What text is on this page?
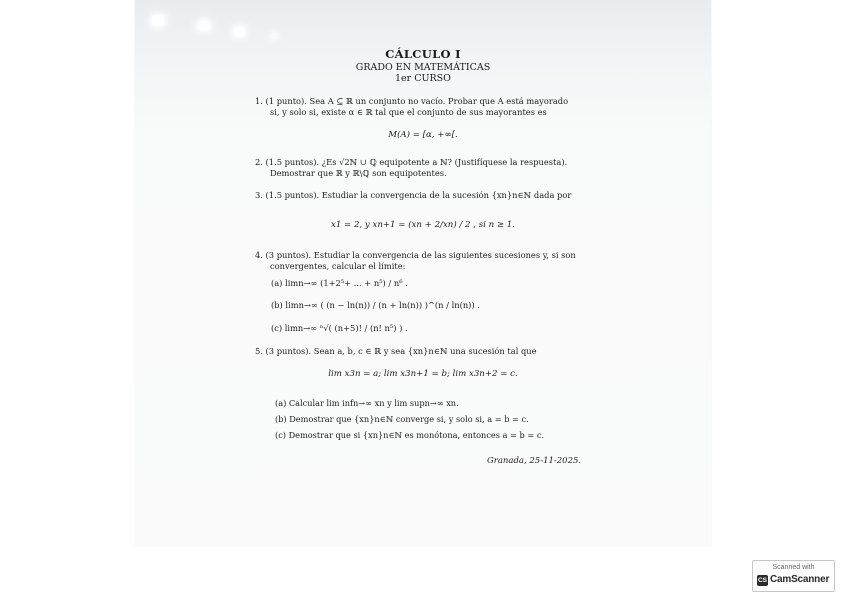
CÁLCULO I
GRADO EN MATEMÁTICAS
1er CURSO
1. (1 punto). Sea A ⊆ ℝ un conjunto no vacío. Probar que A está mayorado
si, y solo si, existe α ∈ ℝ tal que el conjunto de sus mayorantes es
M(A) = [α, +∞[.
2. (1.5 puntos). ¿Es √2ℕ ∪ ℚ equipotente a ℕ? (Justifíquese la respuesta).
Demostrar que ℝ y ℝ\ℚ son equipotentes.
3. (1.5 puntos). Estudiar la convergencia de la sucesión {xn}n∈ℕ dada por
x1 = 2, y xn+1 = (xn + 2/xn) / 2 , si n ≥ 1.
4. (3 puntos). Estudiar la convergencia de las siguientes sucesiones y, si son
convergentes, calcular el límite:
(a) limn→∞ (1+2⁵+ ... + n⁵) / n⁶ .
(b) limn→∞ ( (n − ln(n)) / (n + ln(n)) )^(n / ln(n)) .
(c) limn→∞ ⁿ√( (n+5)! / (n! n⁵) ) .
5. (3 puntos). Sean a, b, c ∈ ℝ y sea {xn}n∈ℕ una sucesión tal que
lim x3n = a; lim x3n+1 = b; lim x3n+2 = c.
(a) Calcular lim infn→∞ xn y lim supn→∞ xn.
(b) Demostrar que {xn}n∈ℕ converge si, y solo si, a = b = c.
(c) Demostrar que si {xn}n∈ℕ es monótona, entonces a = b = c.
Granada, 25-11-2025.
Scanned with
CS CamScanner
